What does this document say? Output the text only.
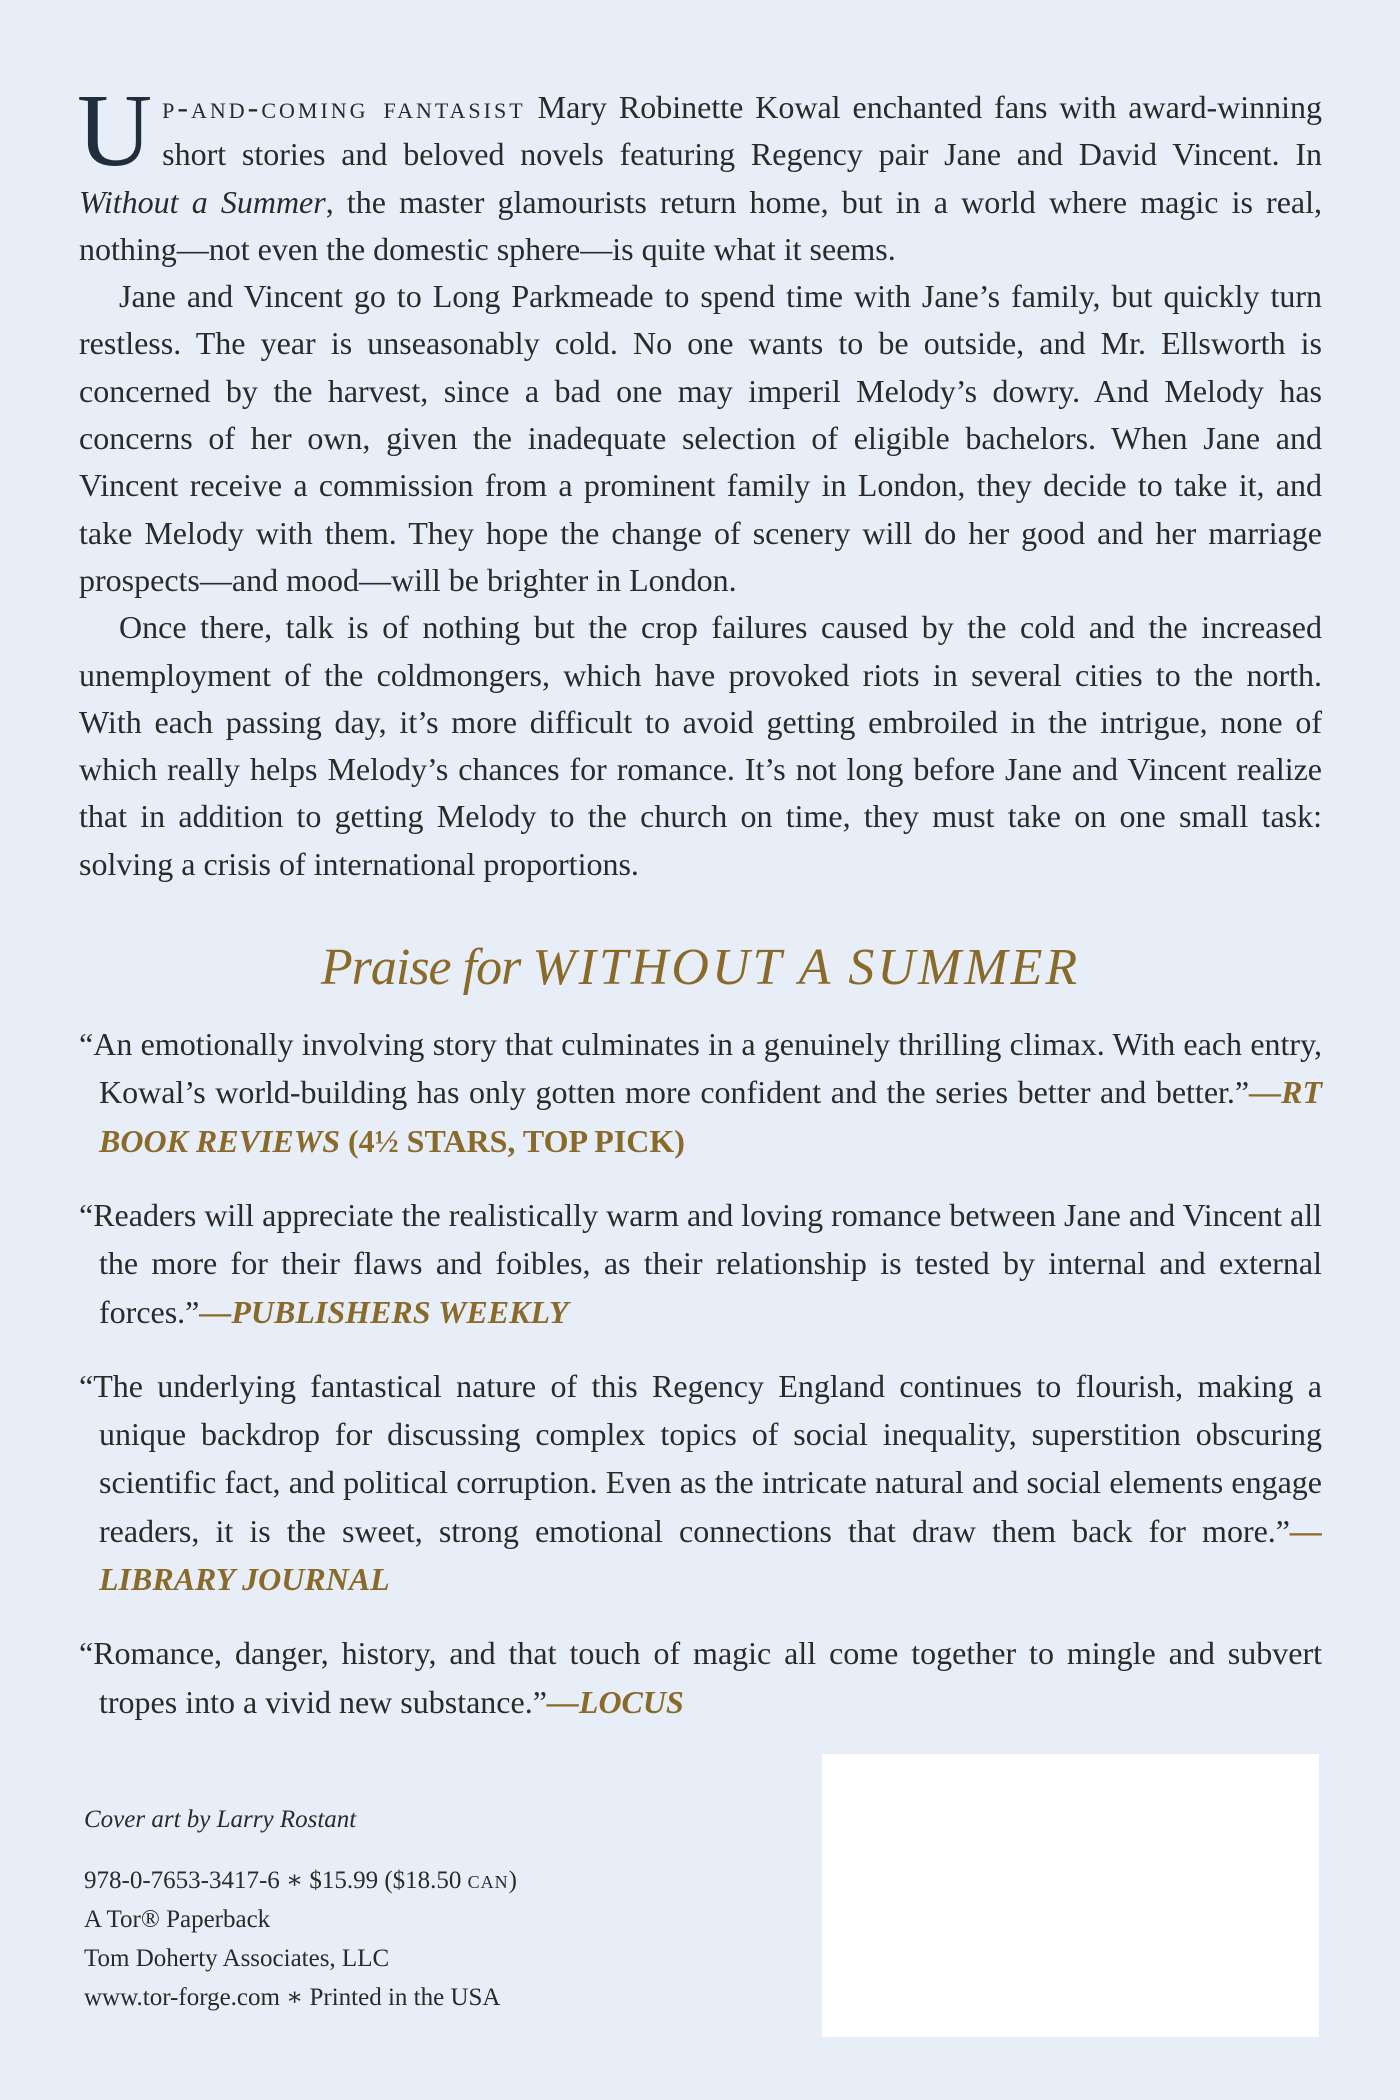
Up-and-coming fantasist Mary Robinette Kowal enchanted fans with award-winning short stories and beloved novels featuring Regency pair Jane and David Vincent. In Without a Summer, the master glamourists return home, but in a world where magic is real, nothing—not even the domestic sphere—is quite what it seems.

Jane and Vincent go to Long Parkmeade to spend time with Jane’s family, but quickly turn restless. The year is unseasonably cold. No one wants to be outside, and Mr. Ellsworth is concerned by the harvest, since a bad one may imperil Melody’s dowry. And Melody has concerns of her own, given the inadequate selection of eligible bachelors. When Jane and Vincent receive a commission from a prominent family in London, they decide to take it, and take Melody with them. They hope the change of scenery will do her good and her marriage prospects—and mood—will be brighter in London.

Once there, talk is of nothing but the crop failures caused by the cold and the increased unemployment of the coldmongers, which have provoked riots in several cities to the north. With each passing day, it’s more difficult to avoid getting embroiled in the intrigue, none of which really helps Melody’s chances for romance. It’s not long before Jane and Vincent realize that in addition to getting Melody to the church on time, they must take on one small task: solving a crisis of international proportions.

Praise for WITHOUT A SUMMER
“An emotionally involving story that culminates in a genuinely thrilling climax. With each entry, Kowal’s world-building has only gotten more confident and the series better and better.”—RT BOOK REVIEWS (4½ STARS, TOP PICK)
“Readers will appreciate the realistically warm and loving romance between Jane and Vincent all the more for their flaws and foibles, as their relationship is tested by internal and external forces.”—PUBLISHERS WEEKLY
“The underlying fantastical nature of this Regency England continues to flourish, making a unique backdrop for discussing complex topics of social inequality, superstition obscuring scientific fact, and political corruption. Even as the intricate natural and social elements engage readers, it is the sweet, strong emotional connections that draw them back for more.”—LIBRARY JOURNAL
“Romance, danger, history, and that touch of magic all come together to mingle and subvert tropes into a vivid new substance.”—LOCUS
Cover art by Larry Rostant
978-0-7653-3417-6 ∗ $15.99 ($18.50 can)
A Tor® Paperback
Tom Doherty Associates, LLC
www.tor-forge.com ∗ Printed in the USA
